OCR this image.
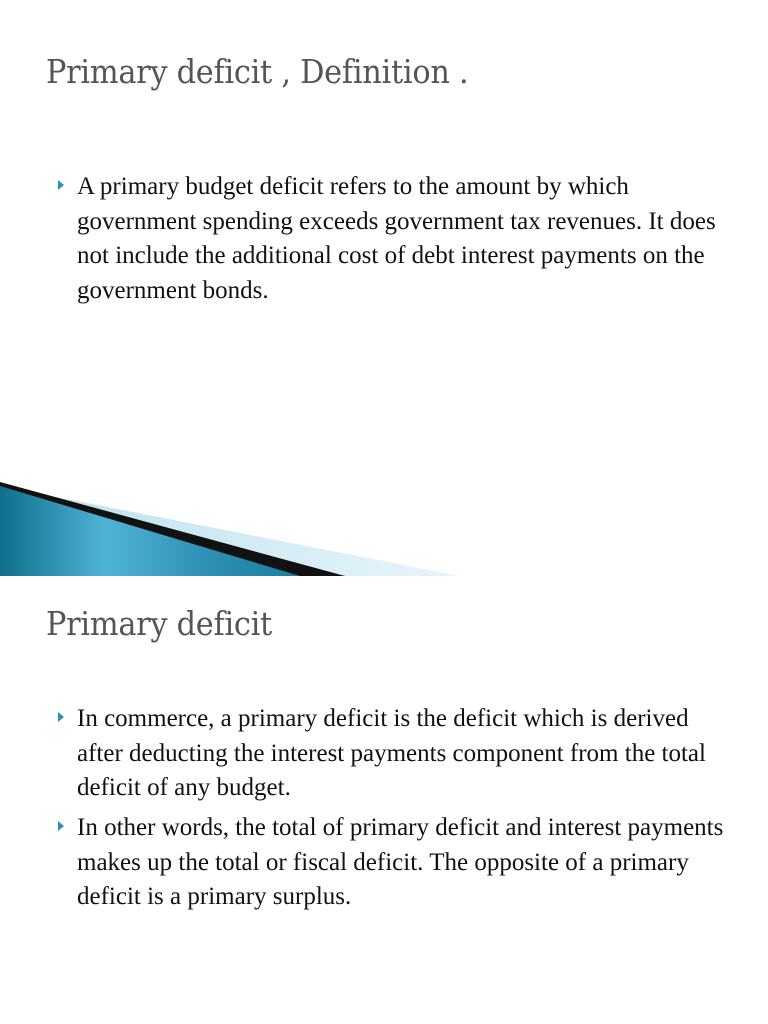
Primary deficit , Definition .

A primary budget deficit refers to the amount by which government spending exceeds government tax revenues. It does not include the additional cost of debt interest payments on the government bonds.

Primary deficit

In commerce, a primary deficit is the deficit which is derived after deducting the interest payments component from the total deficit of any budget.

In other words, the total of primary deficit and interest payments makes up the total or fiscal deficit. The opposite of a primary deficit is a primary surplus.
